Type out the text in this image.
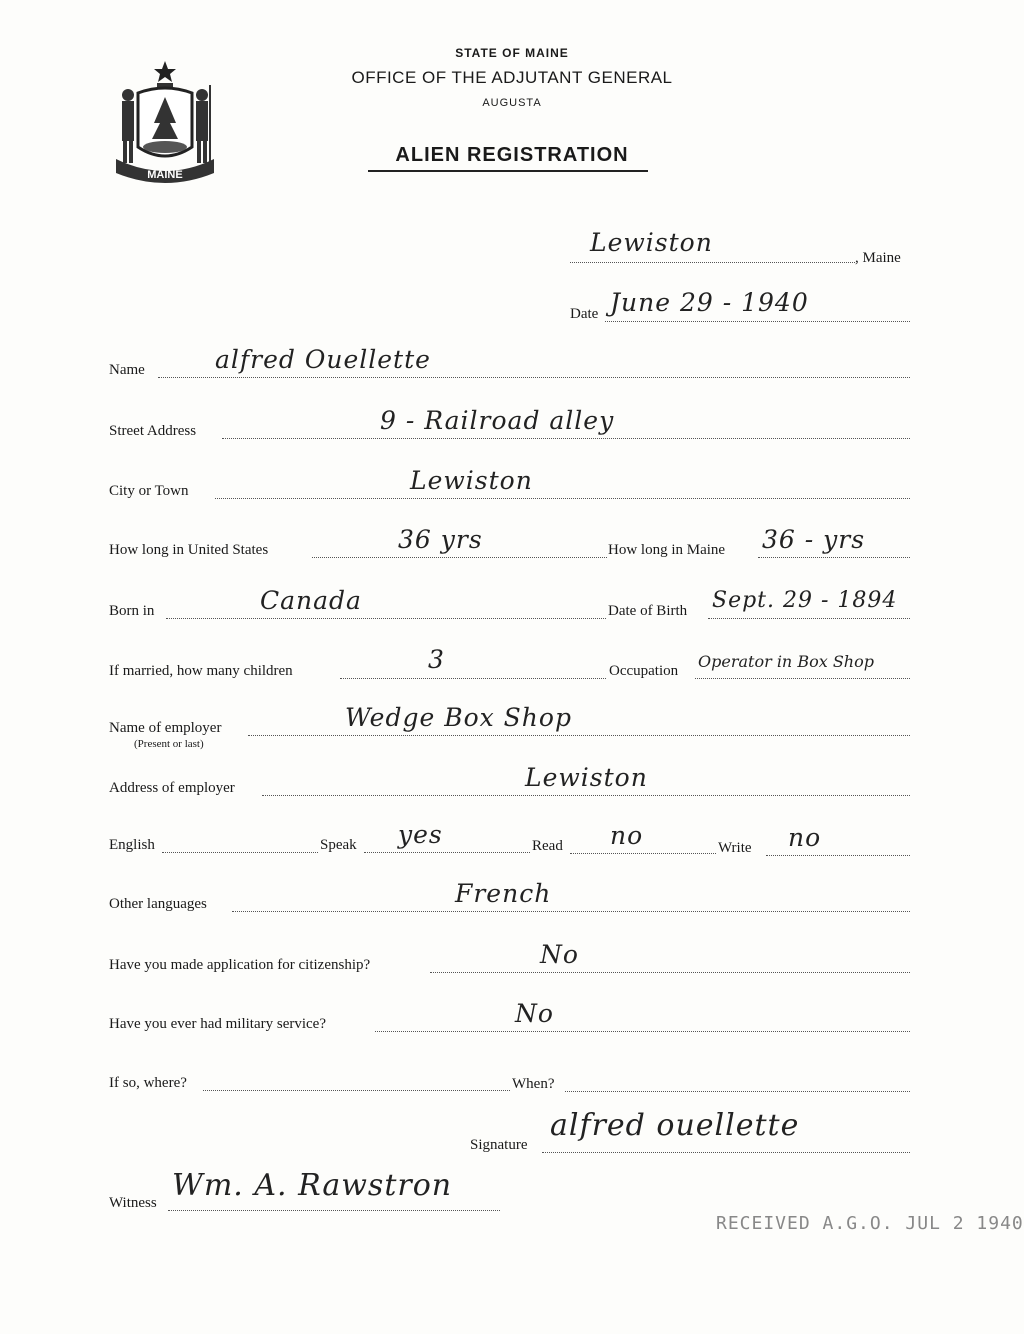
STATE OF MAINE
OFFICE OF THE ADJUTANT GENERAL
AUGUSTA
ALIEN REGISTRATION
MAINE
Lewiston
, Maine
Date June 29 - 1940
Name	alfred Ouellette
Street Address	9 - Railroad alley
City or Town	Lewiston
How long in United States	36 yrs	How long in Maine 36 - yrs
Born in	Canada	Date of Birth Sept. 29 - 1894
If married, how many children	3	Occupation Operator in Box Shop
Name of employer
(Present or last)
Wedge Box Shop
Address of employer	Lewiston
English	Speak yes	Read no	Write no
Other languages	French
Have you made application for citizenship?	No
Have you ever had military service?	No
If so, where?	When?
Signature
alfred ouellette
Witness Wm. A. Rawstron
RECEIVED A.G.O. JUL 2 1940
